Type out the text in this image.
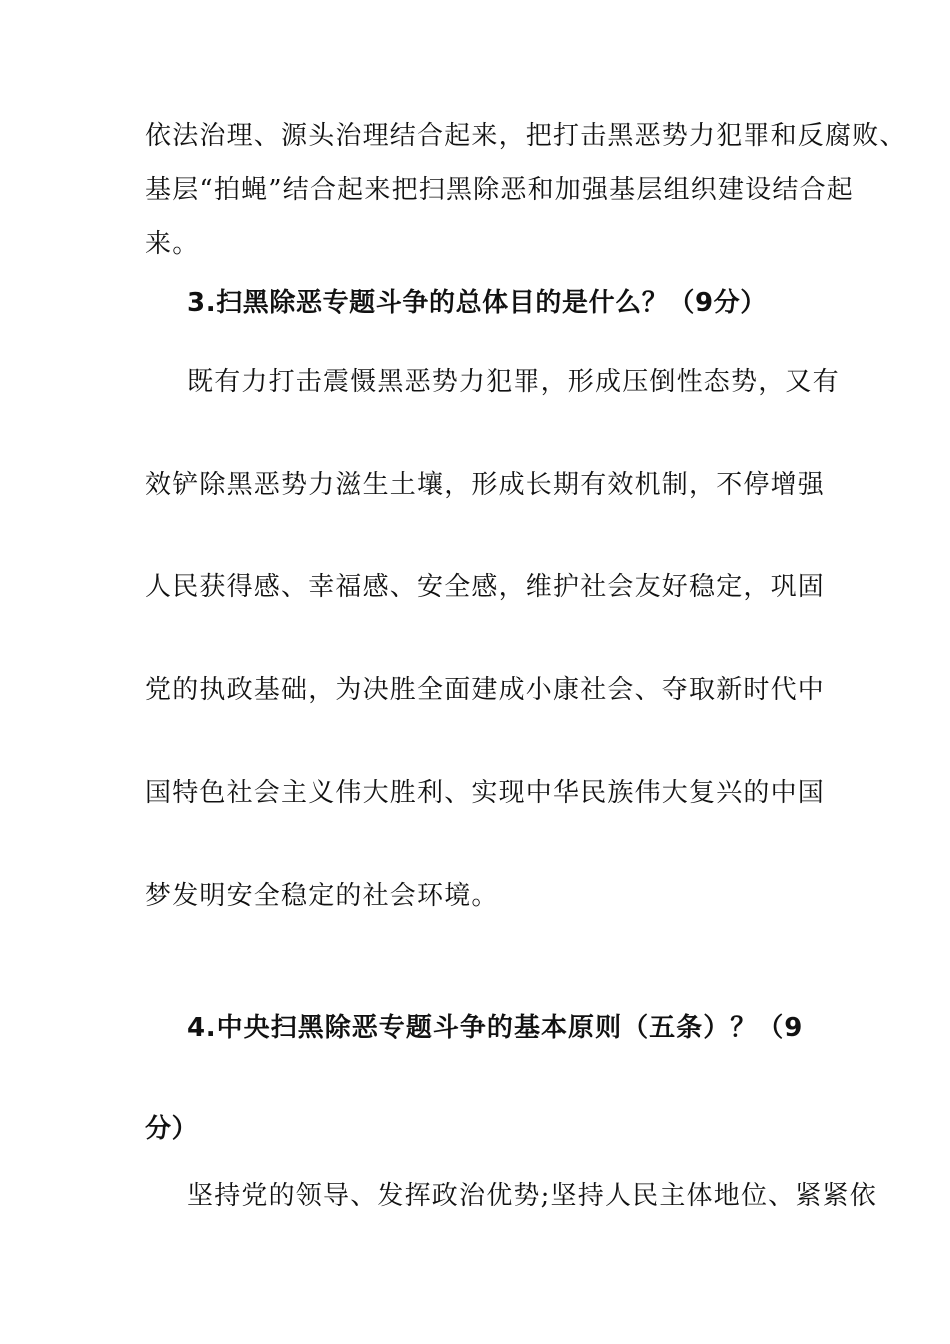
依法治理、源头治理结合起来，把打击黑恶势力犯罪和反腐败、
基层“拍蝇”结合起来把扫黑除恶和加强基层组织建设结合起
来。
3.扫黑除恶专题斗争的总体目的是什么？（9分）
既有力打击震慑黑恶势力犯罪，形成压倒性态势，又有
效铲除黑恶势力滋生土壤，形成长期有效机制，不停增强
人民获得感、幸福感、安全感，维护社会友好稳定，巩固
党的执政基础，为决胜全面建成小康社会、夺取新时代中
国特色社会主义伟大胜利、实现中华民族伟大复兴的中国
梦发明安全稳定的社会环境。
4.中央扫黑除恶专题斗争的基本原则（五条）？（9
分）
坚持党的领导、发挥政治优势;坚持人民主体地位、紧紧依
